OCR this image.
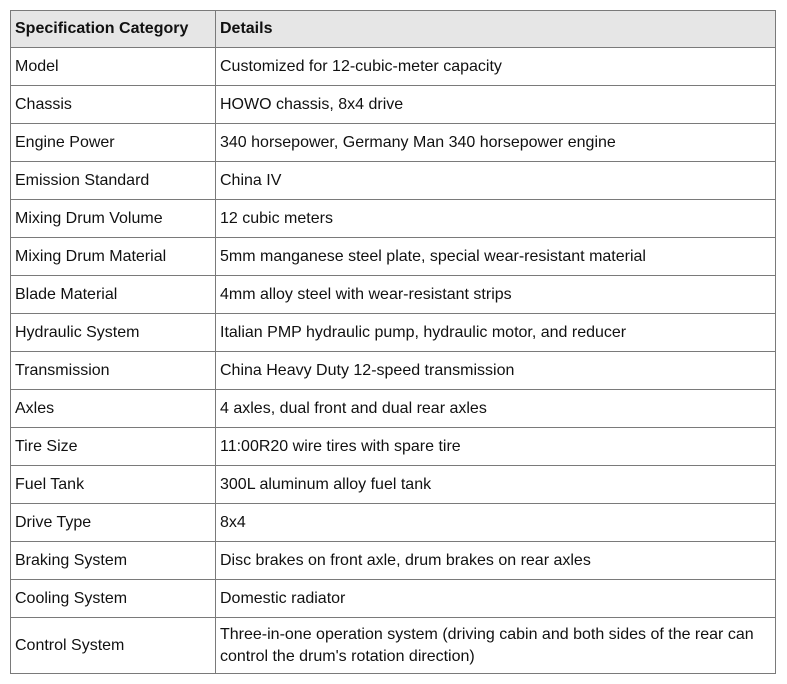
Specification Category	Details
Model	Customized for 12-cubic-meter capacity
Chassis	HOWO chassis, 8x4 drive
Engine Power	340 horsepower, Germany Man 340 horsepower engine
Emission Standard	China IV
Mixing Drum Volume	12 cubic meters
Mixing Drum Material	5mm manganese steel plate, special wear-resistant material
Blade Material	4mm alloy steel with wear-resistant strips
Hydraulic System	Italian PMP hydraulic pump, hydraulic motor, and reducer
Transmission	China Heavy Duty 12-speed transmission
Axles	4 axles, dual front and dual rear axles
Tire Size	11:00R20 wire tires with spare tire
Fuel Tank	300L aluminum alloy fuel tank
Drive Type	8x4
Braking System	Disc brakes on front axle, drum brakes on rear axles
Cooling System	Domestic radiator
Control System	Three-in-one operation system (driving cabin and both sides of the rear can control the drum's rotation direction)
